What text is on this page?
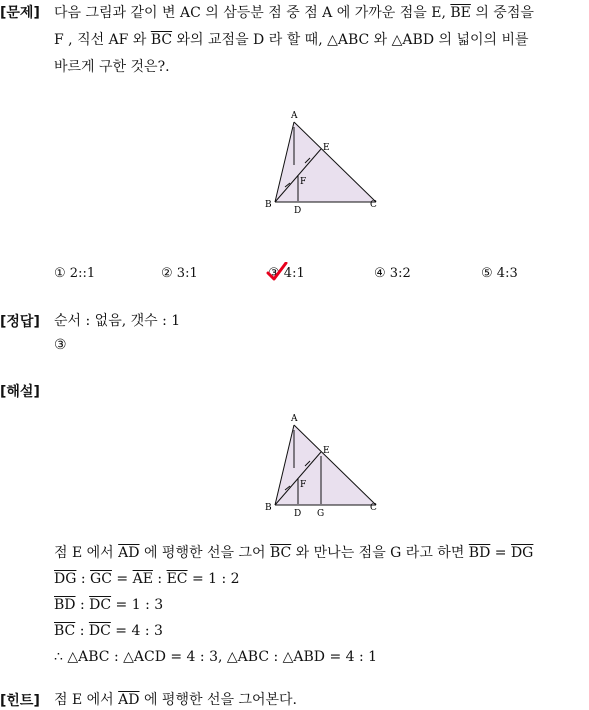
[문제] 다음 그림과 같이 변 AC 의 삼등분 점 중 점 A 에 가까운 점을 E, $\overline{BE}$ 의 중점을
F , 직선 AF 와 $\overline{BC}$ 와의 교점을 D 라 할 때, △ABC 와 △ABD 의 넓이의 비를
바르게 구한 것은?.
A
E
F
B
D
C
① 2::1	② 3:1	③ 4:1	④ 3:2	⑤ 4:3
[정답] 순서 : 없음, 갯수 : 1
③
[해설]
A
E
F
B
D G
C
점 E 에서 $\overline{AD}$ 에 평행한 선을 그어 $\overline{BC}$ 와 만나는 점을 G 라고 하면 $\overline{BD} = \overline{DG}$
$\overline{DG}$ : $\overline{GC} = \overline{AE}$ : $\overline{EC} = 1$ : 2
$\overline{BD}$ : $\overline{DC} = 1$ : 3
$\overline{BC}$ : $\overline{DC} = 4$ : 3
∴ △ABC : △ACD = 4 : 3, △ABC : △ABD = 4 : 1
[힌트] 점 E 에서 $\overline{AD}$ 에 평행한 선을 그어본다.
